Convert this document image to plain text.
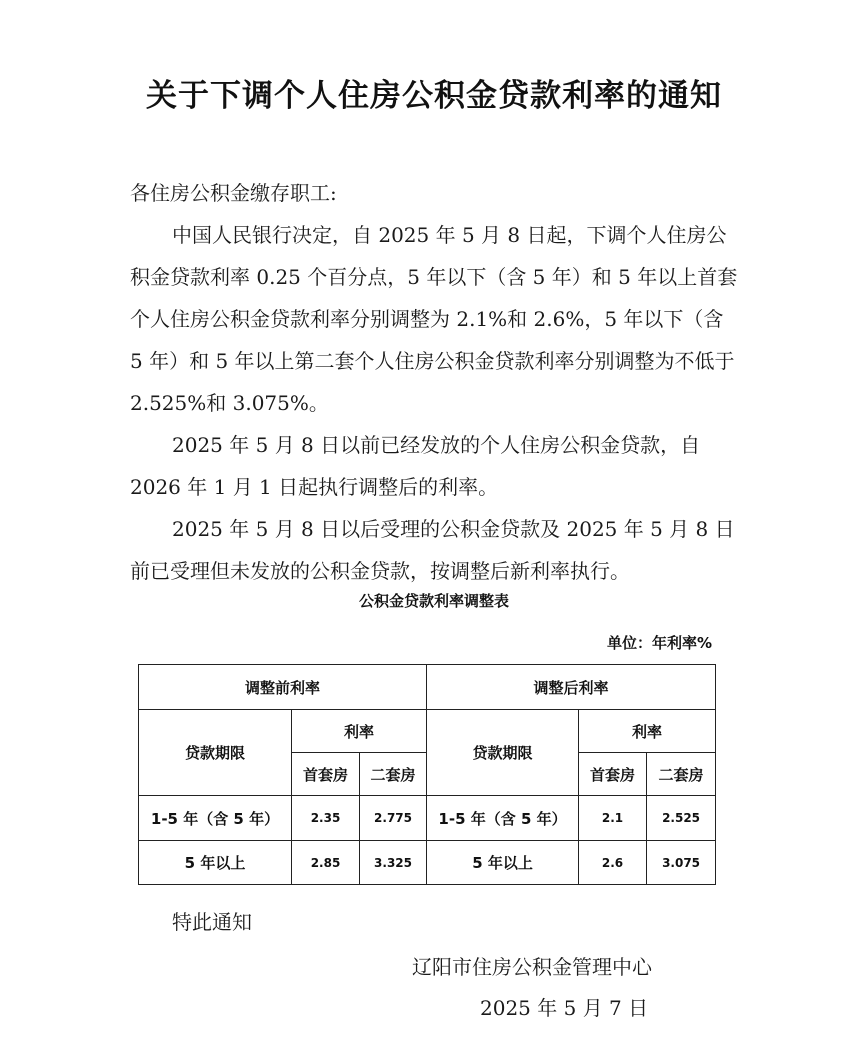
关于下调个人住房公积金贷款利率的通知
各住房公积金缴存职工:
中国人民银行决定，自 2025 年 5 月 8 日起，下调个人住房公积金贷款利率 0.25 个百分点，5 年以下（含 5 年）和 5 年以上首套个人住房公积金贷款利率分别调整为 2.1%和 2.6%，5 年以下（含 5 年）和 5 年以上第二套个人住房公积金贷款利率分别调整为不低于 2.525%和 3.075%。
2025 年 5 月 8 日以前已经发放的个人住房公积金贷款，自 2026 年 1 月 1 日起执行调整后的利率。
2025 年 5 月 8 日以后受理的公积金贷款及 2025 年 5 月 8 日前已受理但未发放的公积金贷款，按调整后新利率执行。
公积金贷款利率调整表
单位：年利率%
调整前利率			调整后利率		
贷款期限	利率		贷款期限	利率	
	首套房	二套房		首套房	二套房
1-5 年（含 5 年）	2.35	2.775	1-5 年（含 5 年）	2.1	2.525
5 年以上	2.85	3.325	5 年以上	2.6	3.075
特此通知
辽阳市住房公积金管理中心
2025 年 5 月 7 日
